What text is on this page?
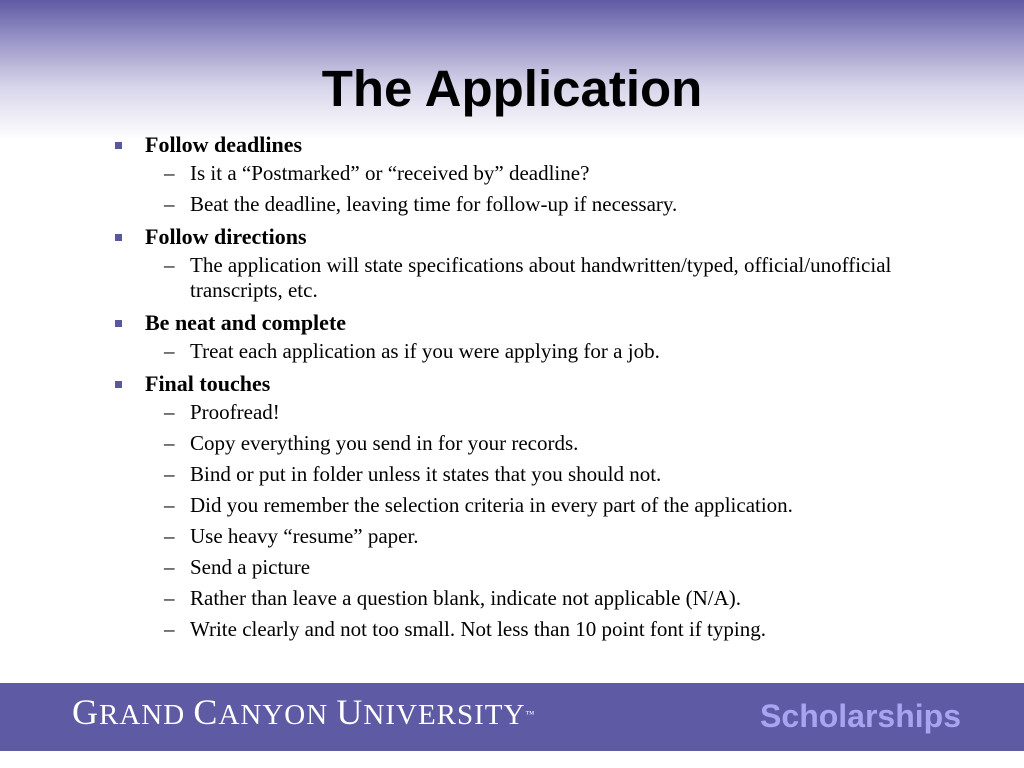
The Application
Follow deadlines
– Is it a “Postmarked” or “received by” deadline?
– Beat the deadline, leaving time for follow-up if necessary.
Follow directions
– The application will state specifications about handwritten/typed, official/unofficial transcripts, etc.
Be neat and complete
– Treat each application as if you were applying for a job.
Final touches
– Proofread!
– Copy everything you send in for your records.
– Bind or put in folder unless it states that you should not.
– Did you remember the selection criteria in every part of the application.
– Use heavy “resume” paper.
– Send a picture
– Rather than leave a question blank, indicate not applicable (N/A).
– Write clearly and not too small. Not less than 10 point font if typing.
GRAND CANYON UNIVERSITY™	Scholarships
